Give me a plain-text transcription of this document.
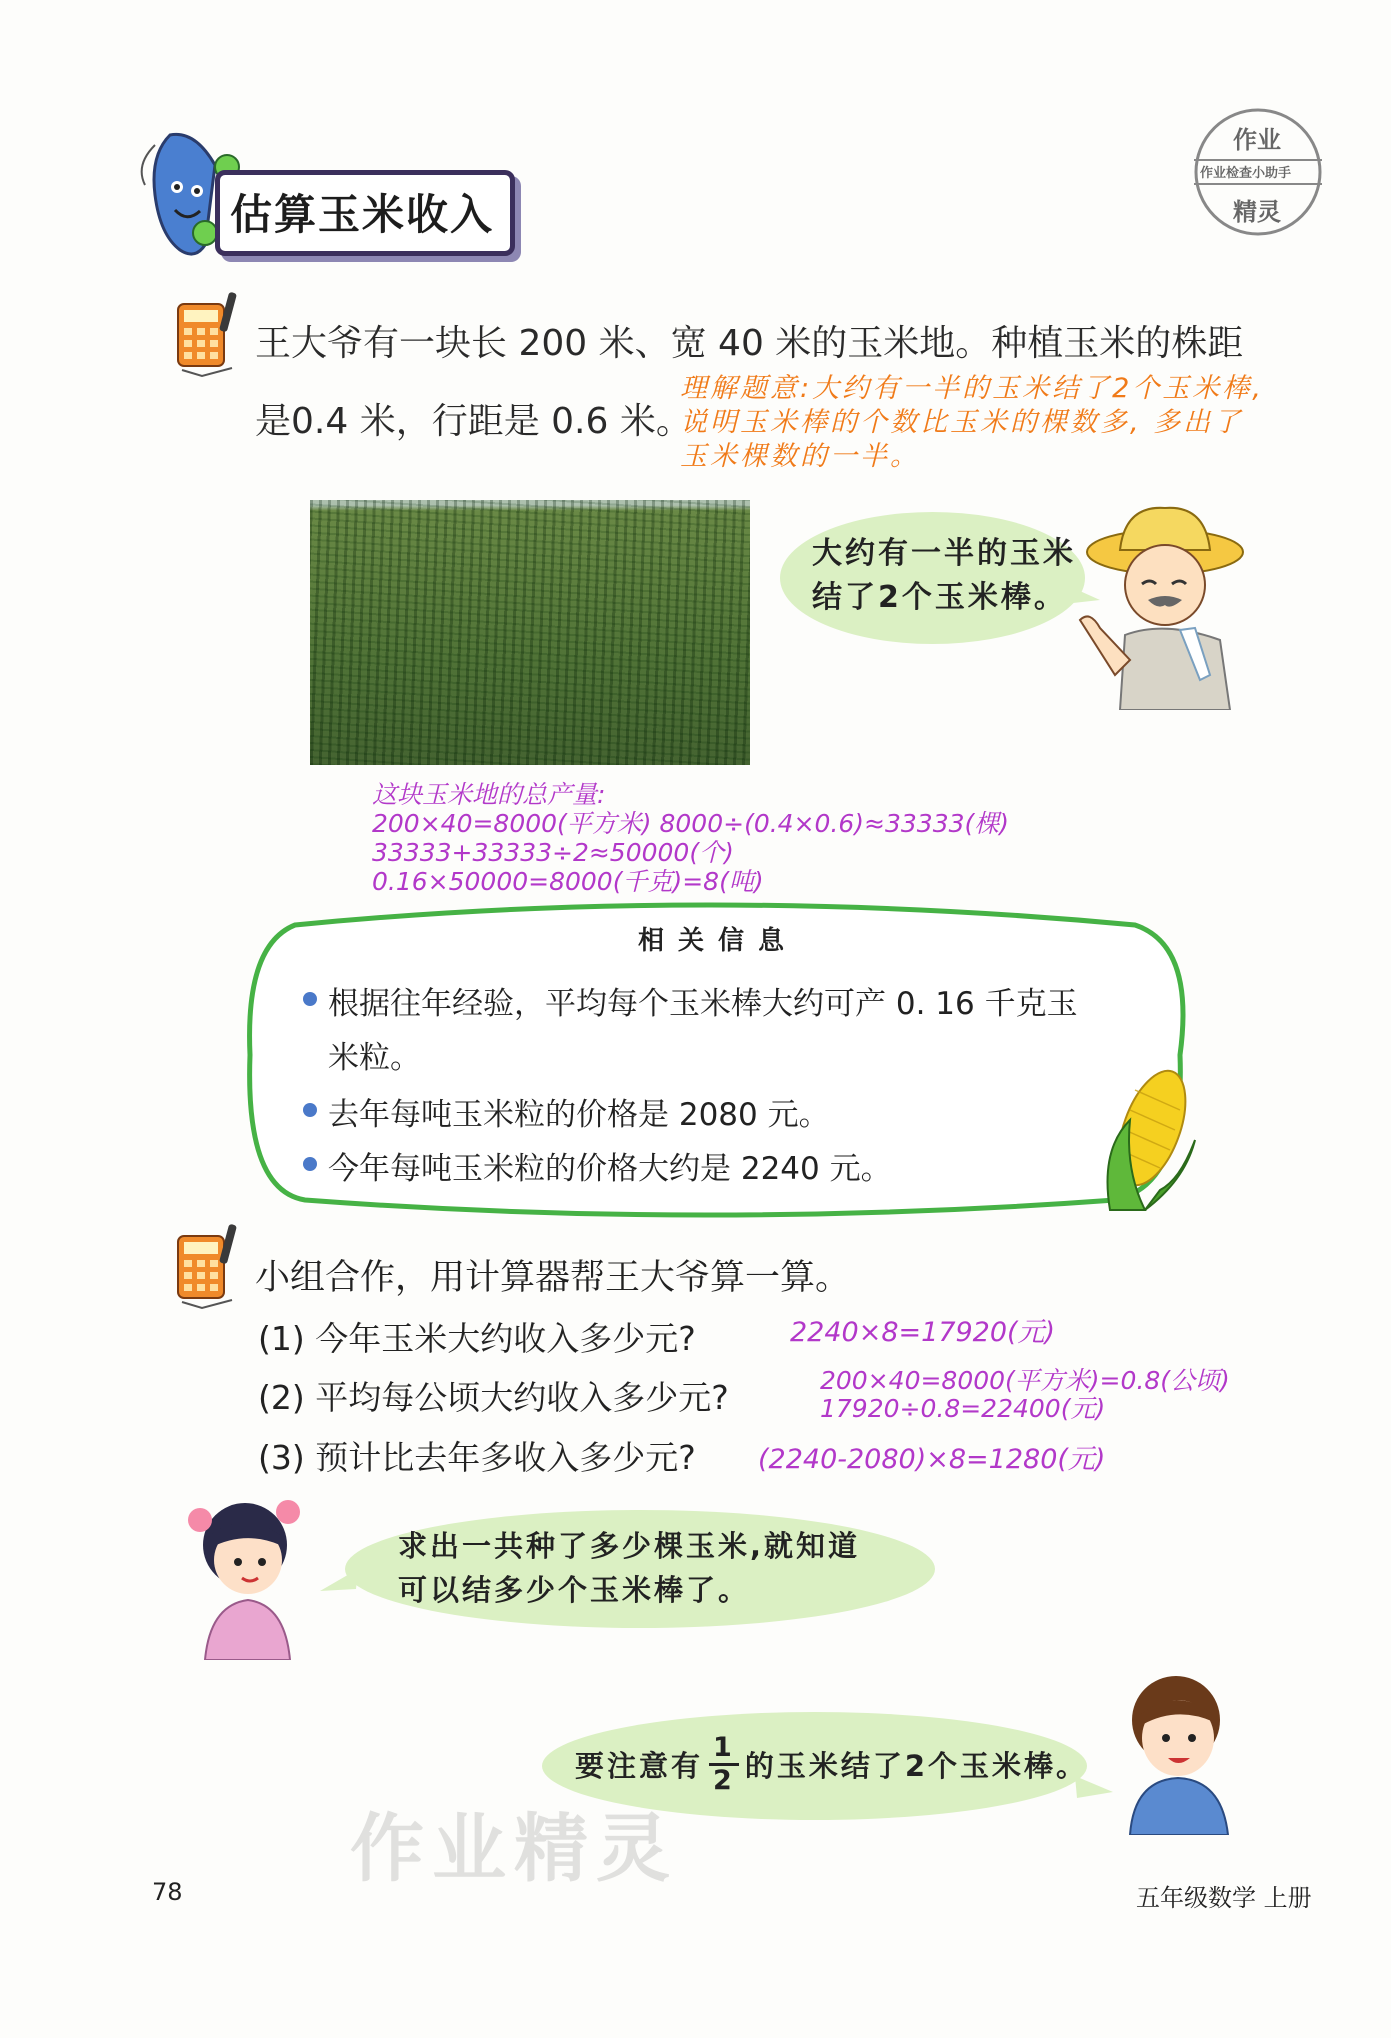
估算玉米收入
作业
作业检查小助手
精灵
王大爷有一块长 200 米、宽 40 米的玉米地。种植玉米的株距
是0.4 米，行距是 0.6 米。
理解题意:大约有一半的玉米结了2个玉米棒,
说明玉米棒的个数比玉米的棵数多, 多出了
玉米棵数的一半。
大约有一半的玉米
结了2个玉米棒。
这块玉米地的总产量:
200×40=8000(平方米) 8000÷(0.4×0.6)≈33333(棵)
33333+33333÷2≈50000(个)
0.16×50000=8000(千克)=8(吨)
相关信息
根据往年经验，平均每个玉米棒大约可产 0. 16 千克玉
米粒。
去年每吨玉米粒的价格是 2080 元。
今年每吨玉米粒的价格大约是 2240 元。
小组合作，用计算器帮王大爷算一算。
(1) 今年玉米大约收入多少元?	2240×8=17920(元)
(2) 平均每公顷大约收入多少元?	200×40=8000(平方米)=0.8(公顷)
17920÷0.8=22400(元)
(3) 预计比去年多收入多少元? (2240-2080)×8=1280(元)
求出一共种了多少棵玉米,就知道
可以结多少个玉米棒了。
要注意有 $\frac{1}{2}$ 的玉米结了2个玉米棒。
作业精灵
78	五年级数学 上册
